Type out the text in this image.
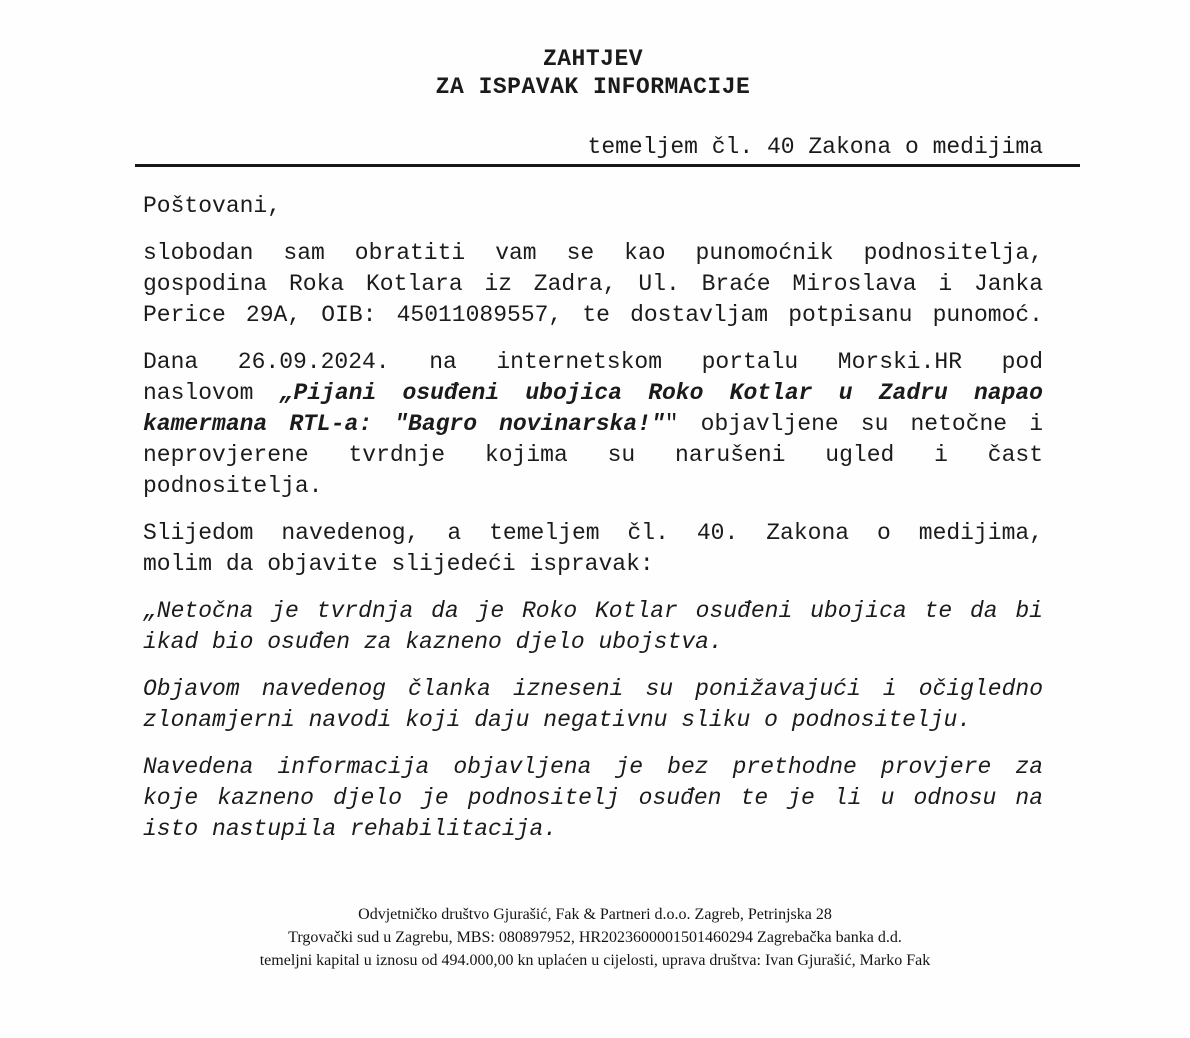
ZAHTJEV
ZA ISPAVAK INFORMACIJE
temeljem čl. 40 Zakona o medijima

Poštovani,

slobodan sam obratiti vam se kao punomoćnik podnositelja,
gospodina Roka Kotlara iz Zadra, Ul. Braće Miroslava i Janka
Perice 29A, OIB: 45011089557, te dostavljam potpisanu punomoć.

Dana 26.09.2024. na internetskom portalu Morski.HR pod
naslovom „Pijani osuđeni ubojica Roko Kotlar u Zadru napao
kamermana RTL-a: "Bagro novinarska!"" objavljene su netočne i
neprovjerene tvrdnje kojima su narušeni ugled i čast
podnositelja.

Slijedom navedenog, a temeljem čl. 40. Zakona o medijima,
molim da objavite slijedeći ispravak:

„Netočna je tvrdnja da je Roko Kotlar osuđeni ubojica te da bi
ikad bio osuđen za kazneno djelo ubojstva.

Objavom navedenog članka izneseni su ponižavajući i očigledno
zlonamjerni navodi koji daju negativnu sliku o podnositelju.

Navedena informacija objavljena je bez prethodne provjere za
koje kazneno djelo je podnositelj osuđen te je li u odnosu na
isto nastupila rehabilitacija.

Odvjetničko društvo Gjurašić, Fak & Partneri d.o.o. Zagreb, Petrinjska 28
Trgovački sud u Zagrebu, MBS: 080897952, HR2023600001501460294 Zagrebačka banka d.d.
temeljni kapital u iznosu od 494.000,00 kn uplaćen u cijelosti, uprava društva: Ivan Gjurašić, Marko Fak
